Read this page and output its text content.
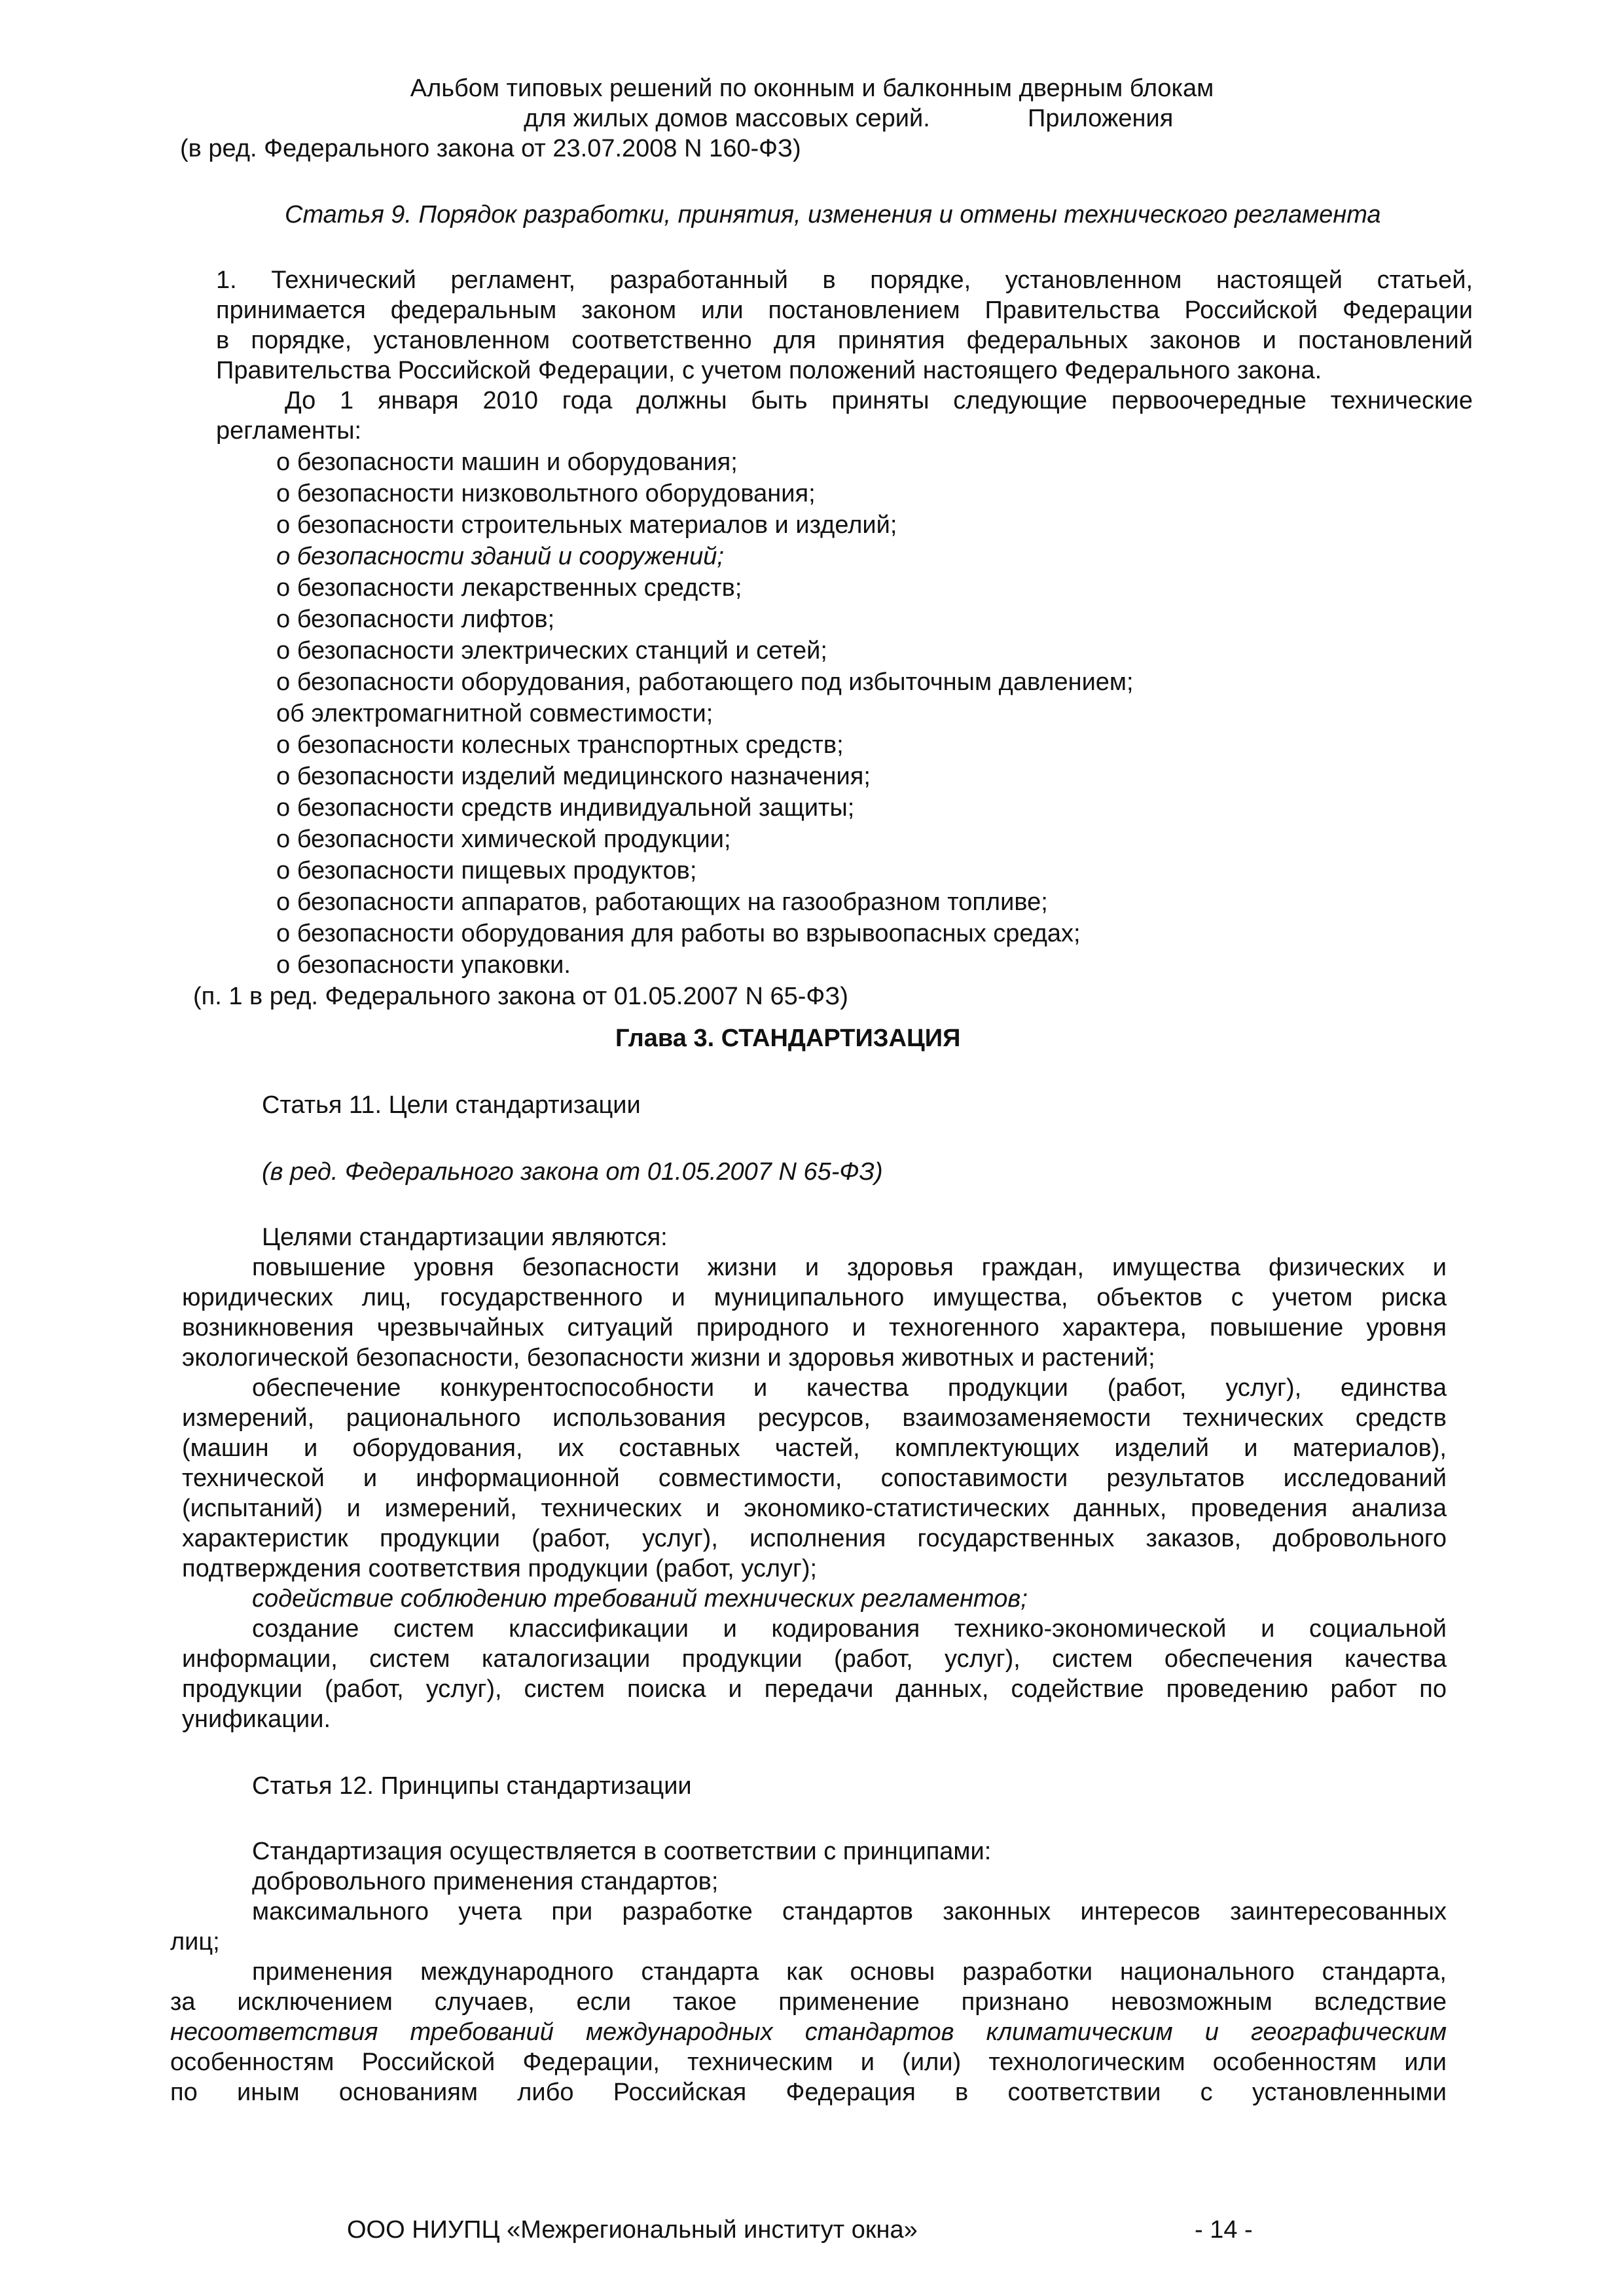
Альбом типовых решений по оконным и балконным дверным блокам
для жилых домов массовых серий.	Приложения
(в ред. Федерального закона от 23.07.2008 N 160-ФЗ)
Статья 9. Порядок разработки, принятия, изменения и отмены технического регламента
1. Технический регламент, разработанный в порядке, установленном настоящей статьей,
принимается федеральным законом или постановлением Правительства Российской Федерации
в порядке, установленном соответственно для принятия федеральных законов и постановлений
Правительства Российской Федерации, с учетом положений настоящего Федерального закона.
До 1 января 2010 года должны быть приняты следующие первоочередные технические
регламенты:
о безопасности машин и оборудования;
о безопасности низковольтного оборудования;
о безопасности строительных материалов и изделий;
о безопасности зданий и сооружений;
о безопасности лекарственных средств;
о безопасности лифтов;
о безопасности электрических станций и сетей;
о безопасности оборудования, работающего под избыточным давлением;
об электромагнитной совместимости;
о безопасности колесных транспортных средств;
о безопасности изделий медицинского назначения;
о безопасности средств индивидуальной защиты;
о безопасности химической продукции;
о безопасности пищевых продуктов;
о безопасности аппаратов, работающих на газообразном топливе;
о безопасности оборудования для работы во взрывоопасных средах;
о безопасности упаковки.
(п. 1 в ред. Федерального закона от 01.05.2007 N 65-ФЗ)
Глава 3. СТАНДАРТИЗАЦИЯ
Статья 11. Цели стандартизации
(в ред. Федерального закона от 01.05.2007 N 65-ФЗ)
Целями стандартизации являются:
повышение уровня безопасности жизни и здоровья граждан, имущества физических и
юридических лиц, государственного и муниципального имущества, объектов с учетом риска
возникновения чрезвычайных ситуаций природного и техногенного характера, повышение уровня
экологической безопасности, безопасности жизни и здоровья животных и растений;
обеспечение конкурентоспособности и качества продукции (работ, услуг), единства
измерений, рационального использования ресурсов, взаимозаменяемости технических средств
(машин и оборудования, их составных частей, комплектующих изделий и материалов),
технической и информационной совместимости, сопоставимости результатов исследований
(испытаний) и измерений, технических и экономико-статистических данных, проведения анализа
характеристик продукции (работ, услуг), исполнения государственных заказов, добровольного
подтверждения соответствия продукции (работ, услуг);
содействие соблюдению требований технических регламентов;
создание систем классификации и кодирования технико-экономической и социальной
информации, систем каталогизации продукции (работ, услуг), систем обеспечения качества
продукции (работ, услуг), систем поиска и передачи данных, содействие проведению работ по
унификации.
Статья 12. Принципы стандартизации
Стандартизация осуществляется в соответствии с принципами:
добровольного применения стандартов;
максимального учета при разработке стандартов законных интересов заинтересованных
лиц;
применения международного стандарта как основы разработки национального стандарта,
за исключением случаев, если такое применение признано невозможным вследствие
несоответствия требований международных стандартов климатическим и географическим
особенностям Российской Федерации, техническим и (или) технологическим особенностям или
по иным основаниям либо Российская Федерация в соответствии с установленными
ООО НИУПЦ «Межрегиональный институт окна»	- 14 -
